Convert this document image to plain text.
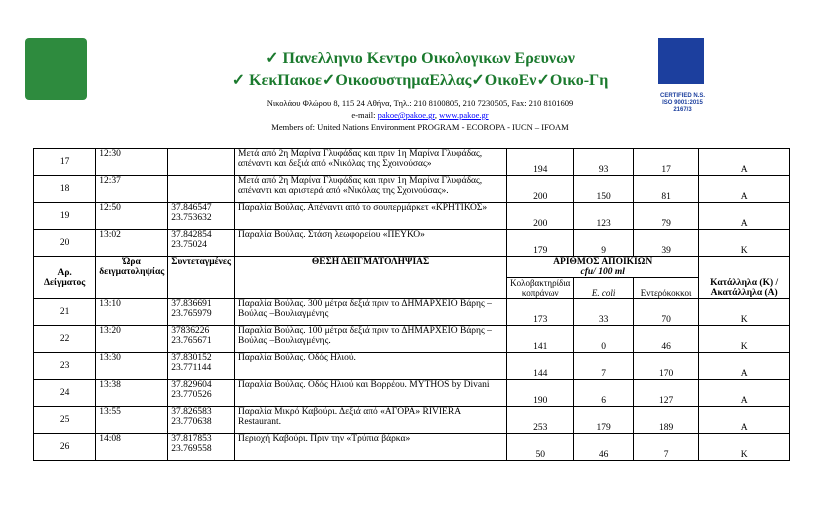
CERTIFIED N.S.
ISO 9001:2015
2167/3
✓ Πανελληνιο Κεντρο Οικολογικων Ερευνων
✓ ΚεκΠακοε✓ΟικοσυστημαΕλλας✓ΟικοΕν✓Οικο-Γη
Νικολάου Φλώρου 8, 115 24 Αθήνα, Τηλ.: 210 8100805, 210 7230505, Fax: 210 8101609
e-mail: pakoe@pakoe.gr, www.pakoe.gr
Members of: United Nations Environment PROGRAM - ECOROPA - IUCN – IFOAM
17	12:30		Μετά από 2η Μαρίνα Γλυφάδας και πριν 1η Μαρίνα Γλυφάδας, απέναντι και δεξιά από «Νικόλας της Σχοινούσας»	194	93	17	Α
18	12:37		Μετά από 2η Μαρίνα Γλυφάδας και πριν 1η Μαρίνα Γλυφάδας, απέναντι και αριστερά από «Νικόλας της Σχοινούσας».	200	150	81	Α
19	12:50	37.846547
23.753632	Παραλία Βούλας. Απέναντι από το σουπερμάρκετ «ΚΡΗΤΙΚΟΣ»	200	123	79	Α
20	13:02	37.842854
23.75024	Παραλία Βούλας. Στάση λεωφορείου «ΠΕΥΚΟ»	179	9	39	Κ
Αρ. Δείγματος	Ώρα δειγματοληψίας	Συντεταγμένες	ΘΕΣΗ ΔΕΙΓΜΑΤΟΛΗΨΙΑΣ	ΑΡΙΘΜΟΣ ΑΠΟΙΚΙΩΝ
cfu/ 100 ml			Κατάλληλα (Κ) / Ακατάλληλα (Α)
				Κολοβακτηρίδια κοπράνων	E. coli	Εντερόκοκκοι	
21	13:10	37.836691
23.765979	Παραλία Βούλας. 300 μέτρα δεξιά πριν το ΔΗΜΑΡΧΕΙΟ Βάρης –Βούλας –Βουλιαγμένης	173	33	70	Κ
22	13:20	37836226
23.765671	Παραλία Βούλας. 100 μέτρα δεξιά πριν το ΔΗΜΑΡΧΕΙΟ Βάρης –Βούλας –Βουλιαγμένης.	141	0	46	Κ
23	13:30	37.830152
23.771144	Παραλία Βούλας. Οδός Ηλιού.	144	7	170	Α
24	13:38	37.829604
23.770526	Παραλία Βούλας. Οδός Ηλιού και Βορρέου. MYTHOS by Divani	190	6	127	Α
25	13:55	37.826583
23.770638	Παραλία Μικρό Καβούρι. Δεξιά από «ΑΓΟΡΑ» RIVIERA Restaurant.	253	179	189	Α
26	14:08	37.817853
23.769558	Περιοχή Καβούρι. Πριν την «Τρύπια βάρκα»	50	46	7	Κ
